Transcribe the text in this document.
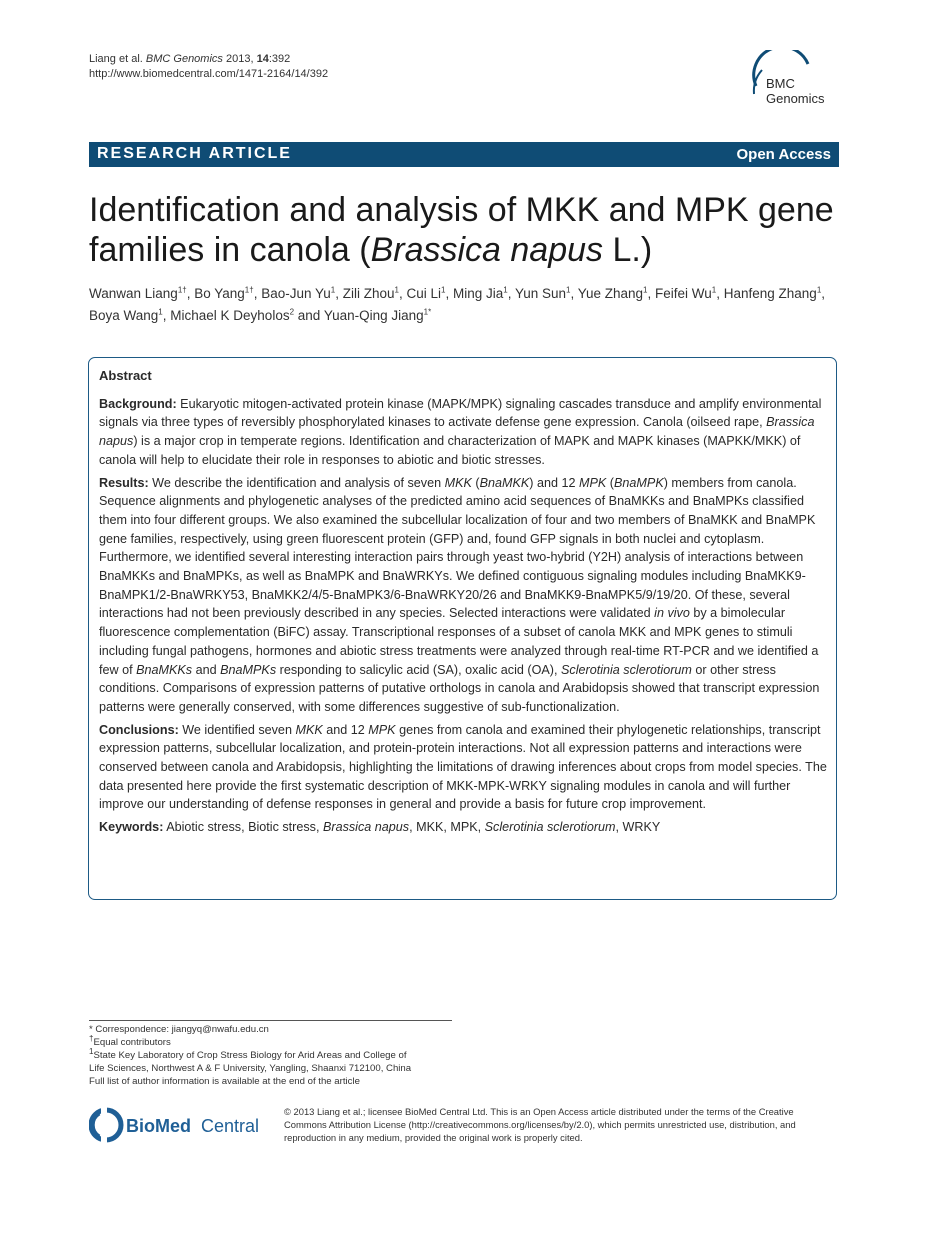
Liang et al. BMC Genomics 2013, 14:392
http://www.biomedcentral.com/1471-2164/14/392
BMC
Genomics
RESEARCH ARTICLE	Open Access
Identification and analysis of MKK and MPK gene families in canola (Brassica napus L.)
Wanwan Liang$^{1\dagger}$, Bo Yang$^{1\dagger}$, Bao-Jun Yu$^1$, Zili Zhou$^1$, Cui Li$^1$, Ming Jia$^1$, Yun Sun$^1$, Yue Zhang$^1$, Feifei Wu$^1$, Hanfeng Zhang$^1$, Boya Wang$^1$, Michael K Deyholos$^2$ and Yuan-Qing Jiang$^{1*}$
Abstract

Background: Eukaryotic mitogen-activated protein kinase (MAPK/MPK) signaling cascades transduce and amplify environmental signals via three types of reversibly phosphorylated kinases to activate defense gene expression. Canola (oilseed rape, Brassica napus) is a major crop in temperate regions. Identification and characterization of MAPK and MAPK kinases (MAPKK/MKK) of canola will help to elucidate their role in responses to abiotic and biotic stresses.

Results: We describe the identification and analysis of seven MKK (BnaMKK) and 12 MPK (BnaMPK) members from canola. Sequence alignments and phylogenetic analyses of the predicted amino acid sequences of BnaMKKs and BnaMPKs classified them into four different groups. We also examined the subcellular localization of four and two members of BnaMKK and BnaMPK gene families, respectively, using green fluorescent protein (GFP) and, found GFP signals in both nuclei and cytoplasm. Furthermore, we identified several interesting interaction pairs through yeast two-hybrid (Y2H) analysis of interactions between BnaMKKs and BnaMPKs, as well as BnaMPK and BnaWRKYs. We defined contiguous signaling modules including BnaMKK9-BnaMPK1/2-BnaWRKY53, BnaMKK2/4/5-BnaMPK3/6-BnaWRKY20/26 and BnaMKK9-BnaMPK5/9/19/20. Of these, several interactions had not been previously described in any species. Selected interactions were validated in vivo by a bimolecular fluorescence complementation (BiFC) assay. Transcriptional responses of a subset of canola MKK and MPK genes to stimuli including fungal pathogens, hormones and abiotic stress treatments were analyzed through real-time RT-PCR and we identified a few of BnaMKKs and BnaMPKs responding to salicylic acid (SA), oxalic acid (OA), Sclerotinia sclerotiorum or other stress conditions. Comparisons of expression patterns of putative orthologs in canola and Arabidopsis showed that transcript expression patterns were generally conserved, with some differences suggestive of sub-functionalization.

Conclusions: We identified seven MKK and 12 MPK genes from canola and examined their phylogenetic relationships, transcript expression patterns, subcellular localization, and protein-protein interactions. Not all expression patterns and interactions were conserved between canola and Arabidopsis, highlighting the limitations of drawing inferences about crops from model species. The data presented here provide the first systematic description of MKK-MPK-WRKY signaling modules in canola and will further improve our understanding of defense responses in general and provide a basis for future crop improvement.

Keywords: Abiotic stress, Biotic stress, Brassica napus, MKK, MPK, Sclerotinia sclerotiorum, WRKY

* Correspondence: jiangyq@nwafu.edu.cn
†Equal contributors
$^1$State Key Laboratory of Crop Stress Biology for Arid Areas and College of
Life Sciences, Northwest A & F University, Yangling, Shaanxi 712100, China
Full list of author information is available at the end of the article
BioMed Central
© 2013 Liang et al.; licensee BioMed Central Ltd. This is an Open Access article distributed under the terms of the Creative
Commons Attribution License (http://creativecommons.org/licenses/by/2.0), which permits unrestricted use, distribution, and
reproduction in any medium, provided the original work is properly cited.
